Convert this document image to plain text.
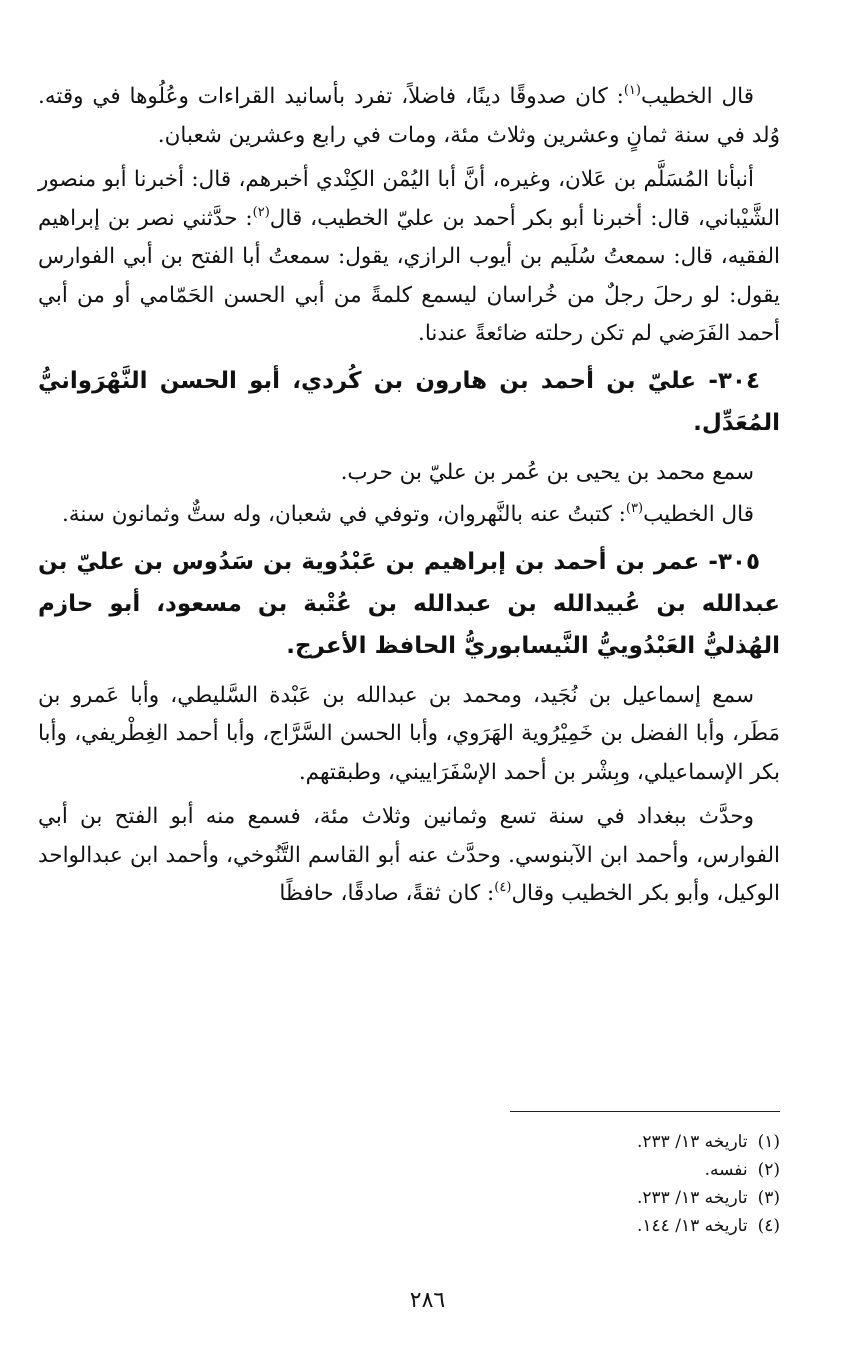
قال الخطيب$^{(١)}$: كان صدوقًا دينًا، فاضلاً، تفرد بأسانيد القراءات وعُلُوها في وقته. وُلد في سنة ثمانٍ وعشرين وثلاث مئة، ومات في رابع وعشرين شعبان.

أنبأنا المُسَلَّم بن عَلان، وغيره، أنَّ أبا اليُمْن الكِنْدي أخبرهم، قال: أخبرنا أبو منصور الشَّيْباني، قال: أخبرنا أبو بكر أحمد بن عليّ الخطيب، قال$^{(٢)}$: حدَّثني نصر بن إبراهيم الفقيه، قال: سمعتُ سُلَيم بن أيوب الرازي، يقول: سمعتُ أبا الفتح بن أبي الفوارس يقول: لو رحلَ رجلٌ من خُراسان ليسمع كلمةً من أبي الحسن الحَمّامي أو من أبي أحمد الفَرَضي لم تكن رحلته ضائعةً عندنا.

٣٠٤- عليّ بن أحمد بن هارون بن كُردي، أبو الحسن النَّهْرَوانيُّ المُعَدِّل.

سمع محمد بن يحيى بن عُمر بن عليّ بن حرب.

قال الخطيب$^{(٣)}$: كتبتُ عنه بالنَّهروان، وتوفي في شعبان، وله ستٌّ وثمانون سنة.

٣٠٥- عمر بن أحمد بن إبراهيم بن عَبْدُوية بن سَدُوس بن عليّ بن عبدالله بن عُبيدالله بن عبدالله بن عُتْبة بن مسعود، أبو حازم الهُذليُّ العَبْدُوييُّ النَّيسابوريُّ الحافظ الأعرج.

سمع إسماعيل بن نُجَيد، ومحمد بن عبدالله بن عَبْدة السَّليطي، وأبا عَمرو بن مَطَر، وأبا الفضل بن خَمِيْرُوية الهَرَوي، وأبا الحسن السَّرَّاج، وأبا أحمد الغِطْريفي، وأبا بكر الإسماعيلي، وبِشْر بن أحمد الإسْفَرَاييني، وطبقتهم.

وحدَّث ببغداد في سنة تسع وثمانين وثلاث مئة، فسمع منه أبو الفتح بن أبي الفوارس، وأحمد ابن الآبنوسي. وحدَّث عنه أبو القاسم التَّنُوخي، وأحمد ابن عبدالواحد الوكيل، وأبو بكر الخطيب وقال$^{(٤)}$: كان ثقةً، صادقًا، حافظًا

(١)تاريخه ١٣/ ٢٣٣.
(٢)نفسه.
(٣)تاريخه ١٣/ ٢٣٣.
(٤)تاريخه ١٣/ ١٤٤.
٢٨٦
